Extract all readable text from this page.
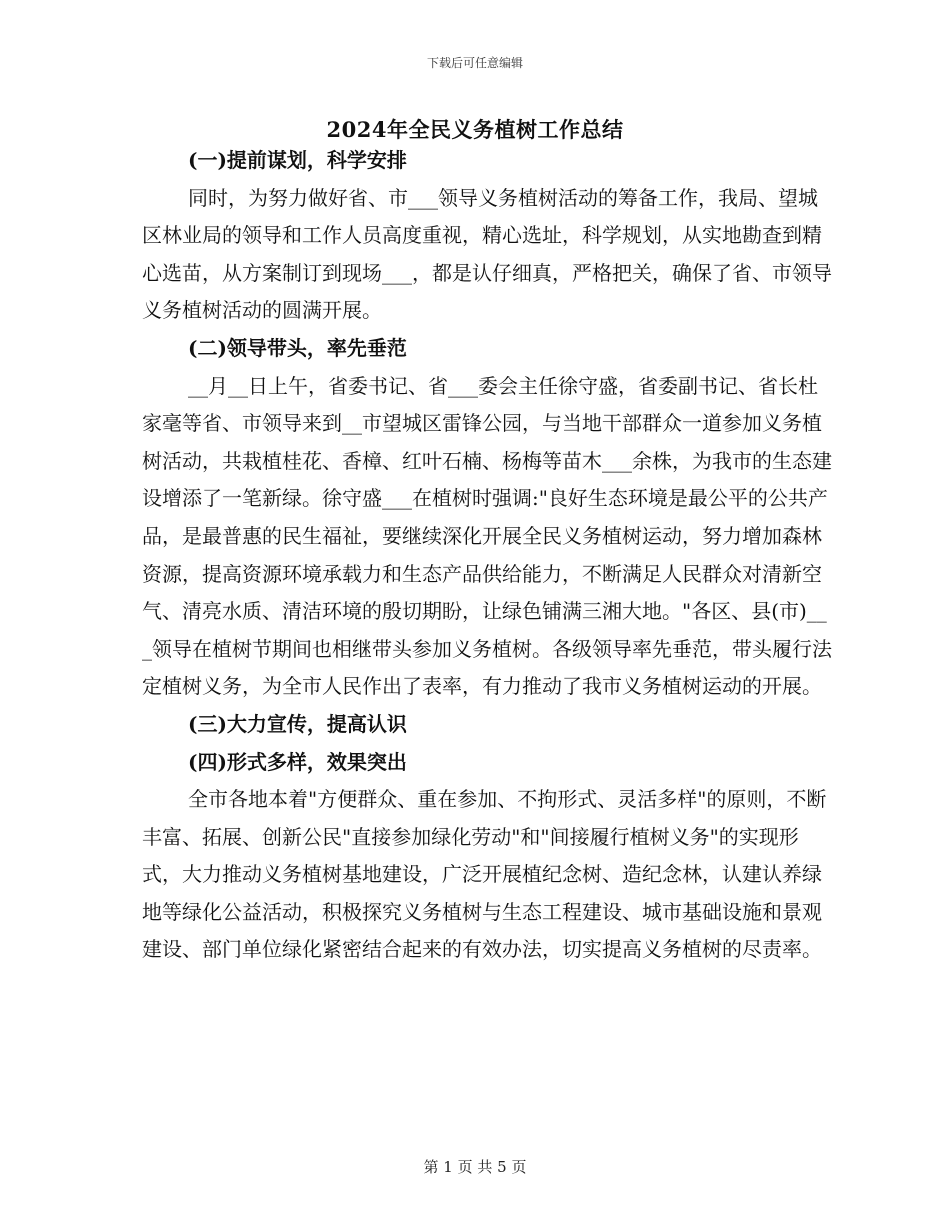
下载后可任意编辑
2024年全民义务植树工作总结
(一)提前谋划，科学安排

同时，为努力做好省、市___领导义务植树活动的筹备工作，我局、望城区林业局的领导和工作人员高度重视，精心选址，科学规划，从实地勘查到精心选苗，从方案制订到现场___，都是认仔细真，严格把关，确保了省、市领导义务植树活动的圆满开展。

(二)领导带头，率先垂范

__月__日上午，省委书记、省___委会主任徐守盛，省委副书记、省长杜家毫等省、市领导来到__市望城区雷锋公园，与当地干部群众一道参加义务植树活动，共栽植桂花、香樟、红叶石楠、杨梅等苗木___余株，为我市的生态建设增添了一笔新绿。徐守盛___在植树时强调:"良好生态环境是最公平的公共产品，是最普惠的民生福祉，要继续深化开展全民义务植树运动，努力增加森林资源，提高资源环境承载力和生态产品供给能力，不断满足人民群众对清新空气、清亮水质、清洁环境的殷切期盼，让绿色铺满三湘大地。"各区、县(市)___领导在植树节期间也相继带头参加义务植树。各级领导率先垂范，带头履行法定植树义务，为全市人民作出了表率，有力推动了我市义务植树运动的开展。

(三)大力宣传，提高认识
(四)形式多样，效果突出

全市各地本着"方便群众、重在参加、不拘形式、灵活多样"的原则，不断丰富、拓展、创新公民"直接参加绿化劳动"和"间接履行植树义务"的实现形式，大力推动义务植树基地建设，广泛开展植纪念树、造纪念林，认建认养绿地等绿化公益活动，积极探究义务植树与生态工程建设、城市基础设施和景观建设、部门单位绿化紧密结合起来的有效办法，切实提高义务植树的尽责率。

第 1 页 共 5 页
